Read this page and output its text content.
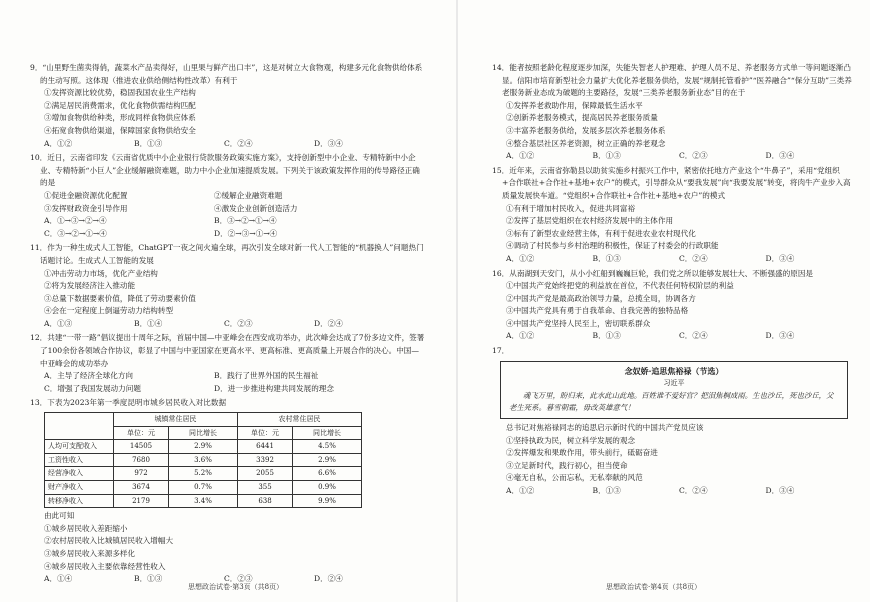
9．“山里野生菌卖得俏，蔬菜水产品卖得好，山里果与鲜产出口丰”，这是对树立大食物观，构建多元化食物供给体系的生动写照。这体现（推进农业供给侧结构性改革）有利于
①发挥资源比较优势，稳固我国农业生产结构
②满足居民消费需求，优化食物供需结构匹配
③增加食物供给种类，形成同样食物供应体系
④拓宽食物供给渠道，保障国家食物供给安全
A．①②	B．①③	C．②④	D．③④
10．近日，云南省印发《云南省优质中小企业银行贷款服务政策实施方案》，支持创新型中小企业、专精特新中小企业、专精特新“小巨人”企业缓解融资难题，助力中小企业加速提质发展。下列关于该政策发挥作用的传导路径正确的是
①促进金融资源优化配置	②缓解企业融资难题
③发挥财政资金引导作用	④激发企业创新创造活力
A．①→③→②→④	B．③→②→①→④
C．③→②→①→④	D．②→③→①→④
11．作为一种生成式人工智能，ChatGPT一夜之间火遍全球，再次引发全球对新一代人工智能的“机器换人”问题热门话题讨论。生成式人工智能的发展
①冲击劳动力市场，优化产业结构
②将为发展经济注入推动能
③总量下数据要素价值，降低了劳动要素价值
④会在一定程度上倒逼劳动力结构转型
A．①③	B．①④	C．②③	D．②④
12．共建“一带一路”倡议提出十周年之际，首届中国—中亚峰会在西安成功举办，此次峰会达成了7份多边文件，签署了100余份各领域合作协议，彰显了中国与中亚国家在更高水平、更高标准、更高质量上开展合作的决心。中国—中亚峰会的成功举办
A．主导了经济全球化方向	B．践行了世界外国的民生福祉
C．增强了我国发展动力问题	D．进一步推进构建共同发展的理念
13．下表为2023年第一季度昆明市城乡居民收入对比数据
	城镇常住居民		农村常住居民	
	单位：元	同比增长	单位：元	同比增长
人均可支配收入	14505	2.9%	6441	4.5%
工资性收入	7680	3.6%	3392	2.9%
经营净收入	972	5.2%	2055	6.6%
财产净收入	3674	0.7%	355	0.9%
转移净收入	2179	3.4%	638	9.9%
由此可知
①城乡居民收入差距缩小
②农村居民收入比城镇居民收入增幅大
③城乡居民收入来源多样化
④城乡居民收入主要依靠经营性收入
A．①④	B．①③	C．②③	D．②④
思想政治试卷·第3页（共8页）
14．能者按照老龄化程度逐步加深，失能失智老人护理难、护理人员不足、养老服务方式单一等问题逐渐凸显。信阳市培育新型社会力量扩大优化养老服务供给，发展“规制托管看护”“医养融合”“保分互助”三类养老服务新业态成为破题的主要路径，发展“三类养老服务新业态”目的在于
①发挥养老救助作用，保障最低生活水平
②创新养老服务模式，提高居民养老服务质量
③丰富养老服务供给，发展多层次养老服务体系
④整合基层社区养老资源，树立正确的养老观念
A．①②	B．①③	C．②③	D．③④
15．近年来，云南省弥勒县以助贫实施乡村振兴工作中，紧密依托地方产业这个“牛鼻子”，采用“党组织+合作联社+合作社+基地+农户”的模式，引导群众从“要我发展”向“我要发展”转变，将肉牛产业步入高质量发展快车道。“党组织+合作联社+合作社+基地+农户”的模式
①有利于增加村民收入，促进共同富裕
②发挥了基层党组织在农村经济发展中的主体作用
③标有了新型农业经营主体，有利于促进农业农村现代化
④调动了村民参与乡村治理的积极性，保证了村委会的行政职能
A．①②	B．①③	C．②④	D．③④
16．从南湖到天安门，从小小红船到巍巍巨轮，我们党之所以能够发展壮大、不断强盛的原因是
①中国共产党始终把党的利益放在首位，不代表任何特权阶层的利益
②中国共产党是最高政治领导力量，总揽全局，协调各方
③中国共产党具有勇于自我革命、自我完善的独特品格
④中国共产党坚持人民至上，密切联系群众
A．①②	B．①③	C．②④	D．③④
17．
念奴娇·追思焦裕禄（节选）
习近平
魂飞万里，盼归来，此水此山此地。百姓谁不爱好官？把泪焦桐成雨。生也沙丘，死也沙丘，父老生死系。暮雪朝霜，毋改英雄意气！
总书记对焦裕禄同志的追思启示新时代的中国共产党员应该
①坚持执政为民，树立科学发展的观念
②发挥爆发和果敢作用，带头前行，砥砺奋进
③立足新时代，践行初心，担当使命
④毫无自私，公而忘私，无私奉献的风范
A．①②	B．①③	C．②④	D．③④
思想政治试卷·第4页（共8页）
